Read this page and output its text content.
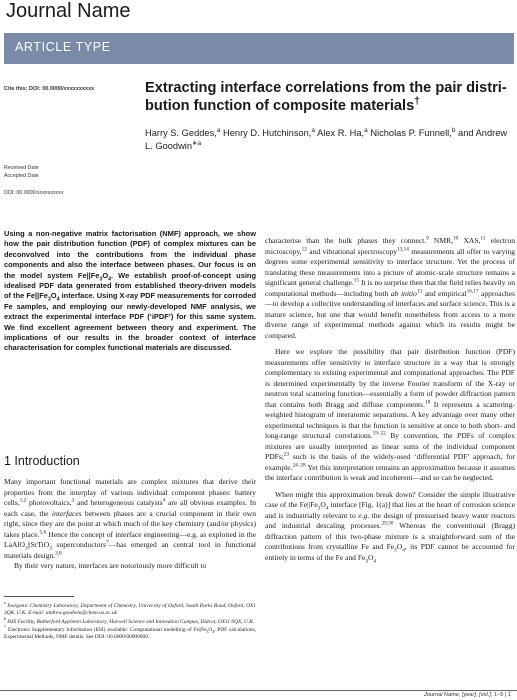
Journal Name
ARTICLE TYPE
Cite this: DOI: 00.0000/xxxxxxxxxx
Received Date
Accepted Date
DOI: 00.0000/xxxxxxxxxx
Extracting interface correlations from the pair distri-
bution function of composite materials†
Harry S. Geddes,$^a$ Henry D. Hutchinson,$^a$ Alex R. Ha,$^a$ Nicholas P. Funnell,$^b$ and Andrew L. Goodwin$^{∗a}$
Using a non-negative matrix factorisation (NMF) approach, we show how the pair distribution function (PDF) of complex mixtures can be deconvolved into the contributions from the individual phase components and also the interface between phases. Our focus is on the model system $Fe||Fe_3O_4$. We establish proof-of-concept using idealised PDF data generated from established theory-driven models of the $Fe||Fe_3O_4$ interface. Using X-ray PDF measurements for corroded Fe samples, and employing our newly-developed NMF analysis, we extract the experimental interface PDF (‘iPDF’) for this same system. We find excellent agreement between theory and experiment. The implications of our results in the broader context of interface characterisation for complex functional materials are discussed.
1 Introduction

Many important functional materials are complex mixtures that derive their properties from the interplay of various individual component phases: battery cells,$^{1,2}$ photovoltaics,$^3$ and heterogeneous catalysts$^4$ are all obvious examples. In each case, the interfaces between phases are a crucial component in their own right, since they are the point at which much of the key chemistry (and/or physics) takes place.$^{5,6}$ Hence the concept of interface engineering—e.g. as exploited in the LaAlO$_3$||SrTiO$_3$ superconductors$^7$—has emerged an central tool in functional materials design.$^{3,8}$

By their very nature, interfaces are notoriously more difficult to

$^a$ Inorganic Chemistry Laboratory, Department of Chemistry, University of Oxford, South Parks Road, Oxford, OX1 3QR, U.K. E-mail: andrew.goodwin@chem.ox.ac.uk

$^b$ ISIS Facility, Rutherford Appleton Laboratory, Harwell Science and Innovation Campus, Didcot, OX11 0QX, U.K.

† Electronic Supplementary Information (ESI) available: Computational modelling of $Fe||Fe_3O_4$, PDF calculations, Experimental Methods, NMF details. See DOI: 00.0000/00000000.

characterise than the bulk phases they connect.$^9$ NMR,$^{10}$ XAS,$^{11}$ electron microscopy,$^{12}$ and vibrational spectroscopy$^{13,14}$ measurements all offer to varying degrees some experimental sensitivity to interface structure. Yet the process of translating these measurements into a picture of atomic-scale structure remains a significant general challenge.$^{15}$ It is no surprise then that the field relies heavily on computational methods—including both ab initio$^{13}$ and empirical$^{16,17}$ approaches—to develop a collective understanding of interfaces and surface science. This is a mature science, but one that would benefit nonetheless from access to a more diverse range of experimental methods against which its results might be compared.

Here we explore the possibility that pair distribution function (PDF) measurements offer sensitivity to interface structure in a way that is strongly complementary to existing experimental and computational approaches. The PDF is determined experimentally by the inverse Fourier transform of the X-ray or neutron total scattering function—essentially a form of powder diffraction pattern that contains both Bragg and diffuse components.$^{18}$ It represents a scattering-weighted histogram of interatomic separations. A key advantage over many other experimental techniques is that the function is sensitive at once to both short- and long-range structural correlations.$^{19-22}$ By convention, the PDFs of complex mixtures are usually interpreted as linear sums of the individual component PDFs;$^{23}$ such is the basis of the widely-used ‘differential PDF’ approach, for example.$^{24-28}$ Yet this interpretation remains an approximation because it assumes the interface contribution is weak and incoherent—and so can be neglected.

When might this approximation break down? Consider the simple illustrative case of the $Fe||Fe_3O_4$ interface [Fig. 1(a)] that lies at the heart of corrosion science and is industrially relevant to e.g. the design of pressurised heavy water reactors and industrial descaling processes.$^{29,30}$ Whereas the conventional (Bragg) diffraction pattern of this two-phase mixture is a straightforward sum of the contributions from crystalline Fe and $Fe_3O_4$, its PDF cannot be accounted for entirely in terms of the Fe and $Fe_3O_4$

Journal Name, [year], [vol.], 1–5 | 1
